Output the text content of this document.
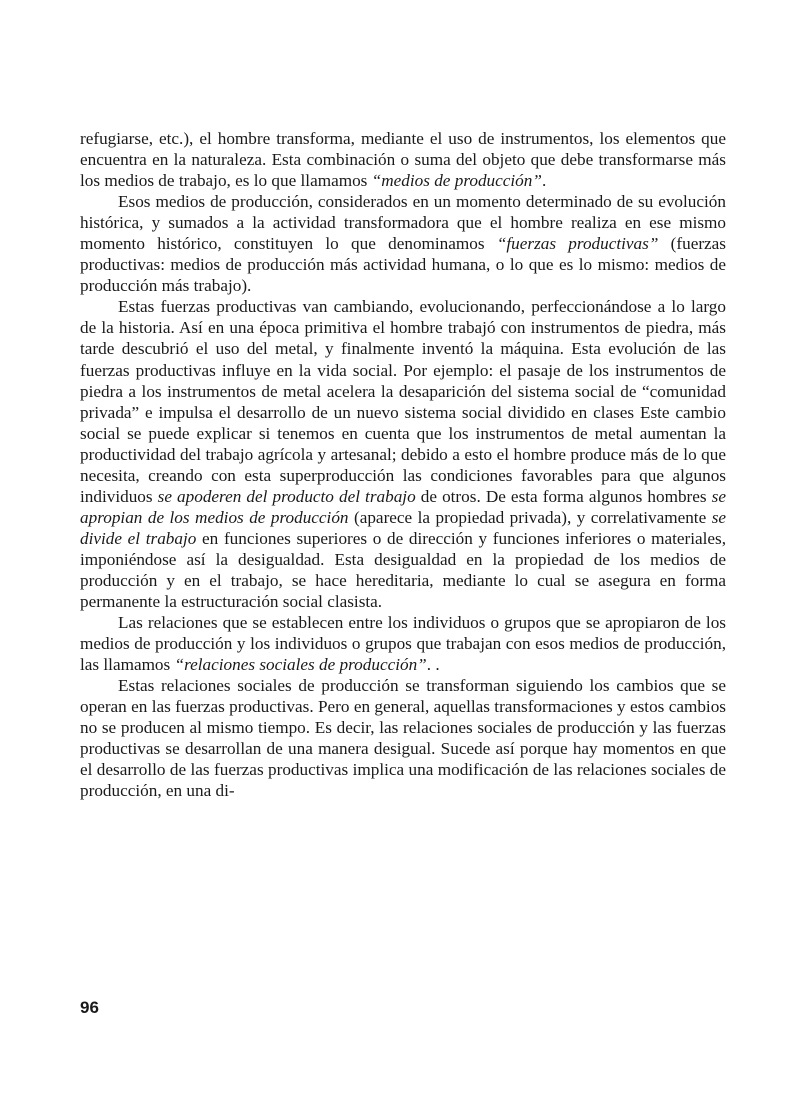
refugiarse, etc.), el hombre transforma, mediante el uso de instrumentos, los elementos que encuentra en la naturaleza. Esta combinación o suma del objeto que debe transformarse más los medios de trabajo, es lo que llamamos “medios de producción”.

Esos medios de producción, considerados en un momento determinado de su evolución histórica, y sumados a la actividad transformadora que el hombre realiza en ese mismo momento histórico, constituyen lo que denominamos “fuerzas productivas” (fuerzas productivas: medios de producción más actividad humana, o lo que es lo mismo: medios de producción más trabajo).

Estas fuerzas productivas van cambiando, evolucionando, perfeccionándose a lo largo de la historia. Así en una época primitiva el hombre trabajó con instrumentos de piedra, más tarde descubrió el uso del metal, y finalmente inventó la máquina. Esta evolución de las fuerzas productivas influye en la vida social. Por ejemplo: el pasaje de los instrumentos de piedra a los instrumentos de metal acelera la desaparición del sistema social de “comunidad privada” e impulsa el desarrollo de un nuevo sistema social dividido en clases Este cambio social se puede explicar si tenemos en cuenta que los instrumentos de metal aumentan la productividad del trabajo agrícola y artesanal; debido a esto el hombre produce más de lo que necesita, creando con esta superproducción las condiciones favorables para que algunos individuos se apoderen del producto del trabajo de otros. De esta forma algunos hombres se apropian de los medios de producción (aparece la propiedad privada), y correlativamente se divide el trabajo en funciones superiores o de dirección y funciones inferiores o materiales, imponiéndose así la desigualdad. Esta desigualdad en la propiedad de los medios de producción y en el trabajo, se hace hereditaria, mediante lo cual se asegura en forma permanente la estructuración social clasista.

Las relaciones que se establecen entre los individuos o grupos que se apropiaron de los medios de producción y los individuos o grupos que trabajan con esos medios de producción, las llamamos “relaciones sociales de producción”. .

Estas relaciones sociales de producción se transforman siguiendo los cambios que se operan en las fuerzas productivas. Pero en general, aquellas transformaciones y estos cambios no se producen al mismo tiempo. Es decir, las relaciones sociales de producción y las fuerzas productivas se desarrollan de una manera desigual. Sucede así porque hay momentos en que el desarrollo de las fuerzas productivas implica una modificación de las relaciones sociales de producción, en una di-

96
